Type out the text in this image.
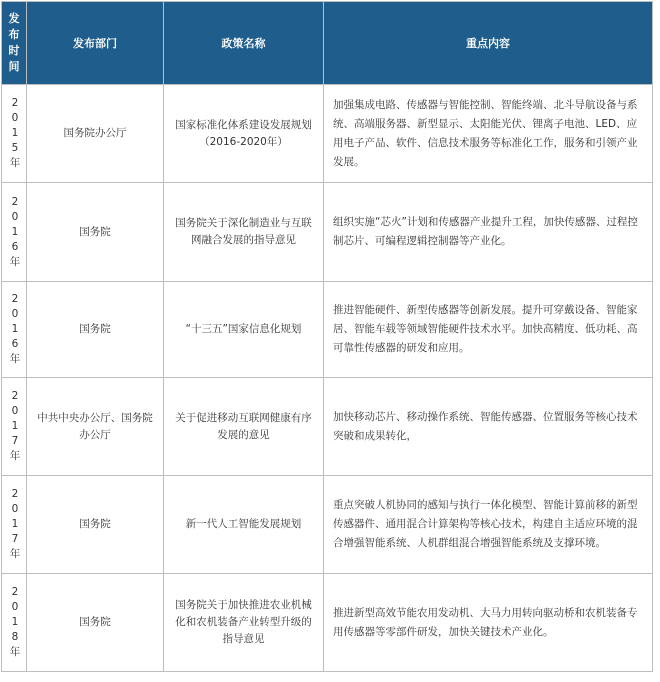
发
布
时
间	发布部门	政策名称	重点内容

2
0
1
5
年	国务院办公厅	国家标准化体系建设发展规划（2016-2020年）	加强集成电路、传感器与智能控制、智能终端、北斗导航设备与系统、高端服务器、新型显示、太阳能光伏、锂离子电池、LED、应用电子产品、软件、信息技术服务等标准化工作，服务和引领产业发展。

2
0
1
6
年	国务院	国务院关于深化制造业与互联网融合发展的指导意见	组织实施“芯火”计划和传感器产业提升工程，加快传感器、过程控制芯片、可编程逻辑控制器等产业化。

2
0
1
6
年	国务院	“十三五”国家信息化规划	推进智能硬件、新型传感器等创新发展。提升可穿戴设备、智能家居、智能车载等领域智能硬件技术水平。加快高精度、低功耗、高可靠性传感器的研发和应用。

2
0
1
7
年	中共中央办公厅、国务院办公厅	关于促进移动互联网健康有序发展的意见	加快移动芯片、移动操作系统、智能传感器、位置服务等核心技术突破和成果转化，

2
0
1
7
年	国务院	新一代人工智能发展规划	重点突破人机协同的感知与执行一体化模型、智能计算前移的新型传感器件、通用混合计算架构等核心技术，构建自主适应环境的混合增强智能系统、人机群组混合增强智能系统及支撑环境。

2
0
1
8
年	国务院	国务院关于加快推进农业机械化和农机装备产业转型升级的指导意见	推进新型高效节能农用发动机、大马力用转向驱动桥和农机装备专用传感器等零部件研发，加快关键技术产业化。
